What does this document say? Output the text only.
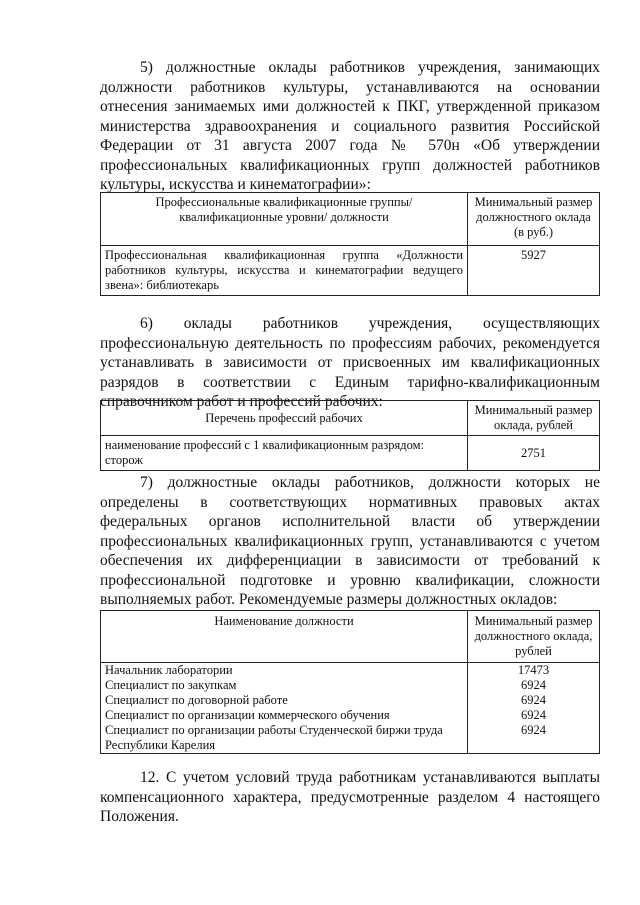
5) должностные оклады работников учреждения, занимающих должности работников культуры, устанавливаются на основании отнесения занимаемых ими должностей к ПКГ, утвержденной приказом министерства здравоохранения и социального развития Российской Федерации от 31 августа 2007 года № 570н «Об утверждении профессиональных квалификационных групп должностей работников культуры, искусства и кинематографии»:
Профессиональные квалификационные группы/ квалификационные уровни/ должности	Минимальный размер должностного оклада (в руб.)
Профессиональная квалификационная группа «Должности работников культуры, искусства и кинематографии ведущего звена»: библиотекарь	5927
6) оклады работников учреждения, осуществляющих профессиональную деятельность по профессиям рабочих, рекомендуется устанавливать в зависимости от присвоенных им квалификационных разрядов в соответствии с Единым тарифно-квалификационным справочником работ и профессий рабочих:
Перечень профессий рабочих	Минимальный размер оклада, рублей
наименование профессий с 1 квалификационным разрядом: сторож	2751
7) должностные оклады работников, должности которых не определены в соответствующих нормативных правовых актах федеральных органов исполнительной власти об утверждении профессиональных квалификационных групп, устанавливаются с учетом обеспечения их дифференциации в зависимости от требований к профессиональной подготовке и уровню квалификации, сложности выполняемых работ. Рекомендуемые размеры должностных окладов:
Наименование должности	Минимальный размер должностного оклада, рублей
Начальник лаборатории	17473
Специалист по закупкам	6924
Специалист по договорной работе	6924
Специалист по организации коммерческого обучения	6924
Специалист по организации работы Студенческой биржи труда Республики Карелия	6924
12. С учетом условий труда работникам устанавливаются выплаты компенсационного характера, предусмотренные разделом 4 настоящего Положения.
